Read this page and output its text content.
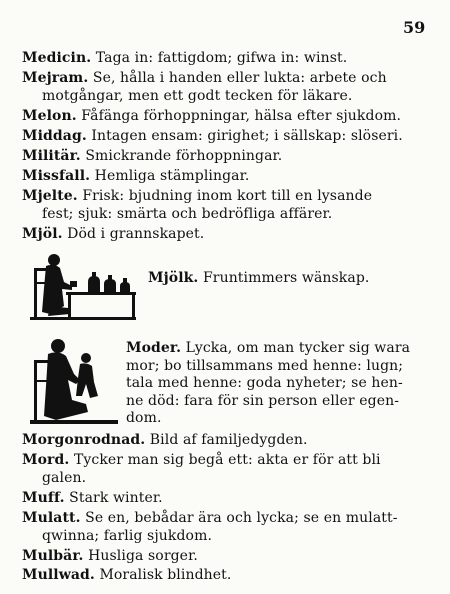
59
Medicin. Taga in: fattigdom; gifwa in: winst.
Mejram. Se, hålla i handen eller lukta: arbete och
motgångar, men ett godt tecken för läkare.
Melon. Fåfänga förhoppningar, hälsa efter sjukdom.
Middag. Intagen ensam: girighet; i sällskap: slöseri.
Militär. Smickrande förhoppningar.
Missfall. Hemliga stämplingar.
Mjelte. Frisk: bjudning inom kort till en lysande
fest; sjuk: smärta och bedröfliga affärer.
Mjöl. Död i grannskapet.
Mjölk. Fruntimmers wänskap.
Moder. Lycka, om man tycker sig wara
mor; bo tillsammans med henne: lugn;
tala med henne: goda nyheter; se hen-
ne död: fara för sin person eller egen-
dom.
Morgonrodnad. Bild af familjedygden.
Mord. Tycker man sig begå ett: akta er för att bli
galen.
Muff. Stark winter.
Mulatt. Se en, bebådar ära och lycka; se en mulatt-
qwinna; farlig sjukdom.
Mulbär. Husliga sorger.
Mullwad. Moralisk blindhet.
